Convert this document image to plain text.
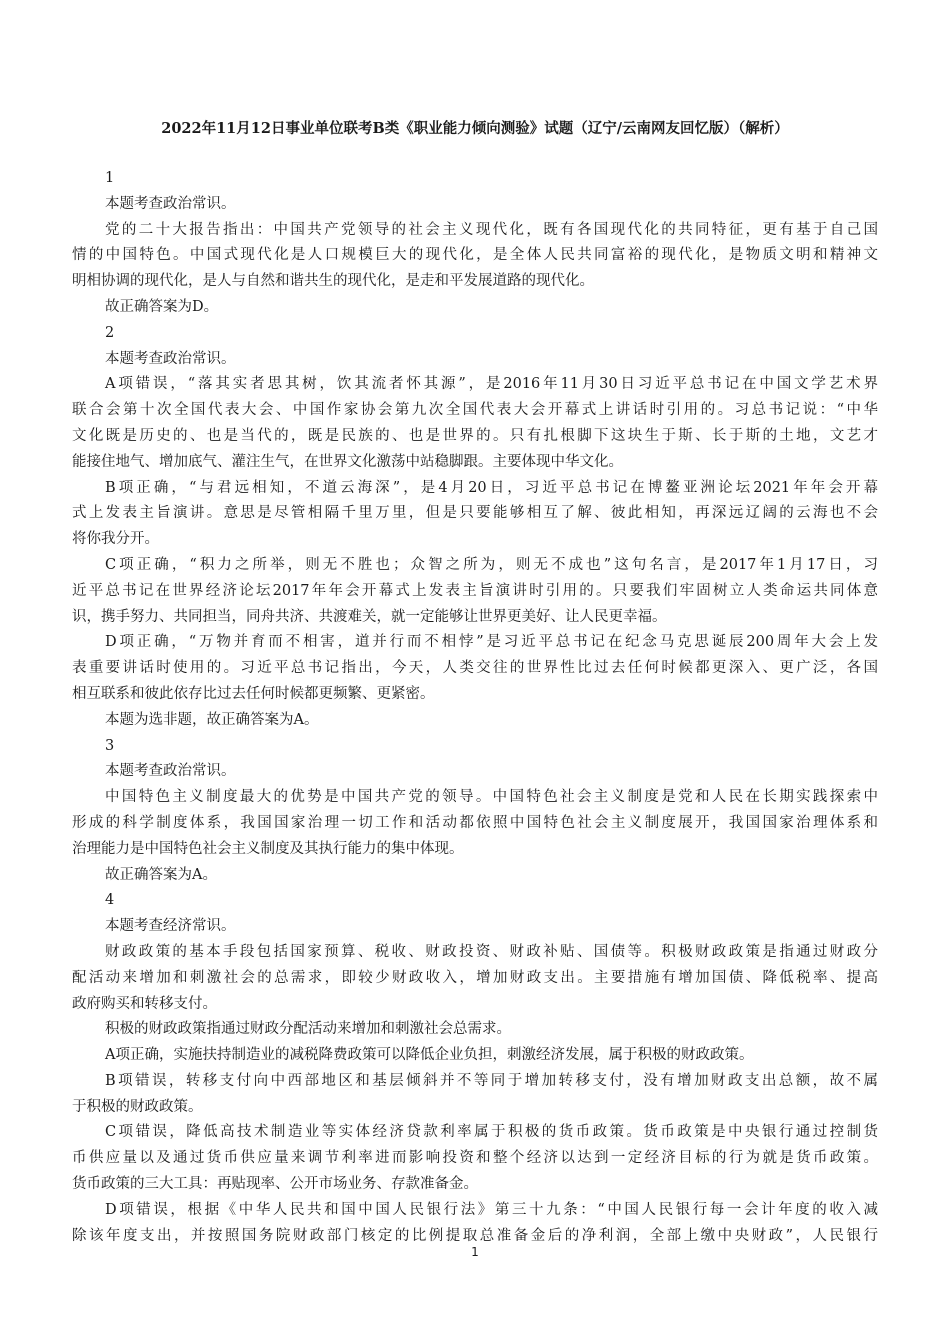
2022年11月12日事业单位联考B类《职业能力倾向测验》试题（辽宁/云南网友回忆版）（解析）
1
本题考查政治常识。
党的二十大报告指出：中国共产党领导的社会主义现代化，既有各国现代化的共同特征，更有基于自己国
情的中国特色。中国式现代化是人口规模巨大的现代化，是全体人民共同富裕的现代化，是物质文明和精神文
明相协调的现代化，是人与自然和谐共生的现代化，是走和平发展道路的现代化。
故正确答案为D。
2
本题考查政治常识。
A项错误，“落其实者思其树，饮其流者怀其源”，是2016年11月30日习近平总书记在中国文学艺术界
联合会第十次全国代表大会、中国作家协会第九次全国代表大会开幕式上讲话时引用的。习总书记说：“中华
文化既是历史的、也是当代的，既是民族的、也是世界的。只有扎根脚下这块生于斯、长于斯的土地，文艺才
能接住地气、增加底气、灌注生气，在世界文化激荡中站稳脚跟。主要体现中华文化。
B项正确，“与君远相知，不道云海深”，是4月20日，习近平总书记在博鳌亚洲论坛2021年年会开幕
式上发表主旨演讲。意思是尽管相隔千里万里，但是只要能够相互了解、彼此相知，再深远辽阔的云海也不会
将你我分开。
C项正确，“积力之所举，则无不胜也；众智之所为，则无不成也”这句名言，是2017年1月17日，习
近平总书记在世界经济论坛2017年年会开幕式上发表主旨演讲时引用的。只要我们牢固树立人类命运共同体意
识，携手努力、共同担当，同舟共济、共渡难关，就一定能够让世界更美好、让人民更幸福。
D项正确，“万物并育而不相害，道并行而不相悖”是习近平总书记在纪念马克思诞辰200周年大会上发
表重要讲话时使用的。习近平总书记指出，今天，人类交往的世界性比过去任何时候都更深入、更广泛，各国
相互联系和彼此依存比过去任何时候都更频繁、更紧密。
本题为选非题，故正确答案为A。
3
本题考查政治常识。
中国特色主义制度最大的优势是中国共产党的领导。中国特色社会主义制度是党和人民在长期实践探索中
形成的科学制度体系，我国国家治理一切工作和活动都依照中国特色社会主义制度展开，我国国家治理体系和
治理能力是中国特色社会主义制度及其执行能力的集中体现。
故正确答案为A。
4
本题考查经济常识。
财政政策的基本手段包括国家预算、税收、财政投资、财政补贴、国债等。积极财政政策是指通过财政分
配活动来增加和刺激社会的总需求，即较少财政收入，增加财政支出。主要措施有增加国债、降低税率、提高
政府购买和转移支付。
积极的财政政策指通过财政分配活动来增加和刺激社会总需求。
A项正确，实施扶持制造业的减税降费政策可以降低企业负担，刺激经济发展，属于积极的财政政策。
B项错误，转移支付向中西部地区和基层倾斜并不等同于增加转移支付，没有增加财政支出总额，故不属
于积极的财政政策。
C项错误，降低高技术制造业等实体经济贷款利率属于积极的货币政策。货币政策是中央银行通过控制货
币供应量以及通过货币供应量来调节利率进而影响投资和整个经济以达到一定经济目标的行为就是货币政策。
货币政策的三大工具：再贴现率、公开市场业务、存款准备金。
D项错误，根据《中华人民共和国中国人民银行法》第三十九条：“中国人民银行每一会计年度的收入减
除该年度支出，并按照国务院财政部门核定的比例提取总准备金后的净利润，全部上缴中央财政”，人民银行
1
